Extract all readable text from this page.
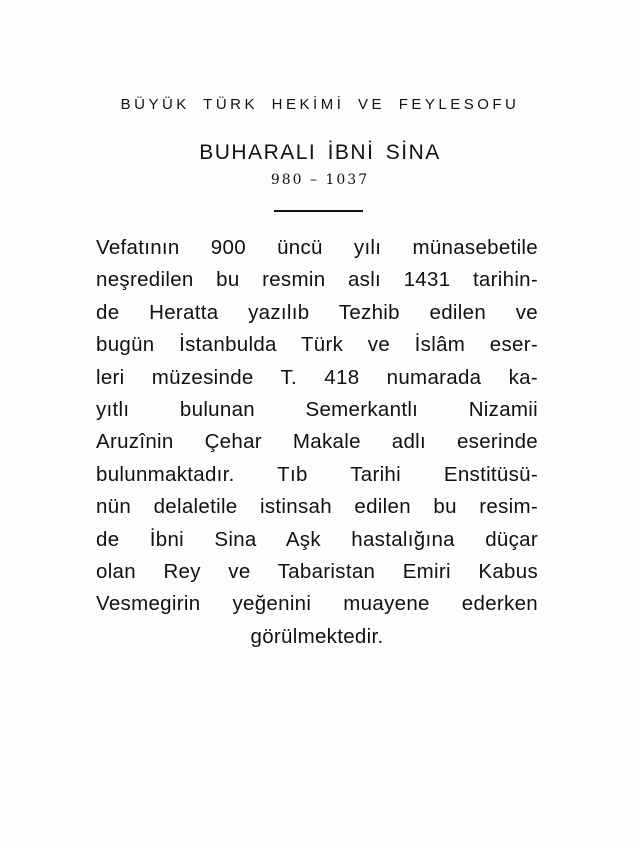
BÜYÜK TÜRK HEKİMİ VE FEYLESOFU
BUHARALI İBNİ SİNA
980 – 1037
Vefatının 900 üncü yılı münasebetile
neşredilen bu resmin aslı 1431 tarihin-
de Heratta yazılıb Tezhib edilen ve
bugün İstanbulda Türk ve İslâm eser-
leri müzesinde T. 418 numarada ka-
yıtlı bulunan Semerkantlı Nizamii
Aruzînin Çehar Makale adlı eserinde
bulunmaktadır. Tıb Tarihi Enstitüsü-
nün delaletile istinsah edilen bu resim-
de İbni Sina Aşk hastalığına düçar
olan Rey ve Tabaristan Emiri Kabus
Vesmegirin yeğenini muayene ederken
görülmektedir.
